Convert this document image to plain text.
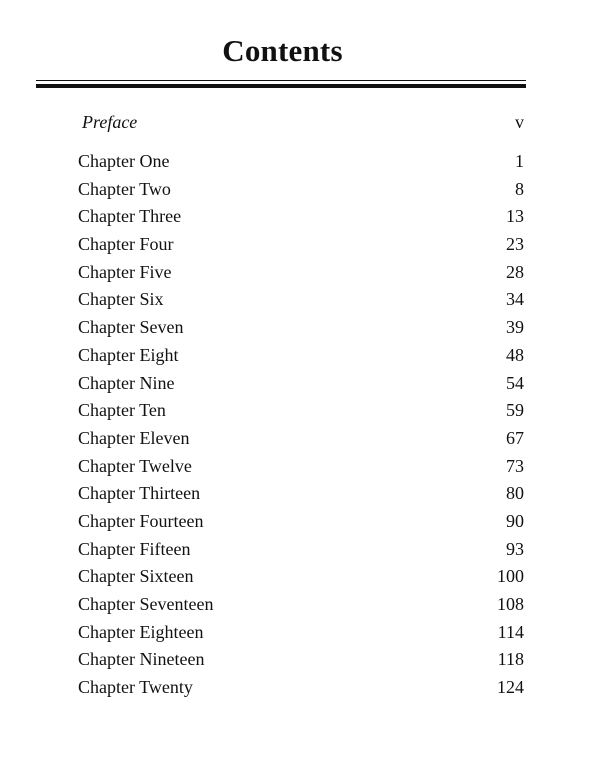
Contents
Preface	v
Chapter One	1
Chapter Two	8
Chapter Three	13
Chapter Four	23
Chapter Five	28
Chapter Six	34
Chapter Seven	39
Chapter Eight	48
Chapter Nine	54
Chapter Ten	59
Chapter Eleven	67
Chapter Twelve	73
Chapter Thirteen	80
Chapter Fourteen	90
Chapter Fifteen	93
Chapter Sixteen	100
Chapter Seventeen	108
Chapter Eighteen	114
Chapter Nineteen	118
Chapter Twenty	124
